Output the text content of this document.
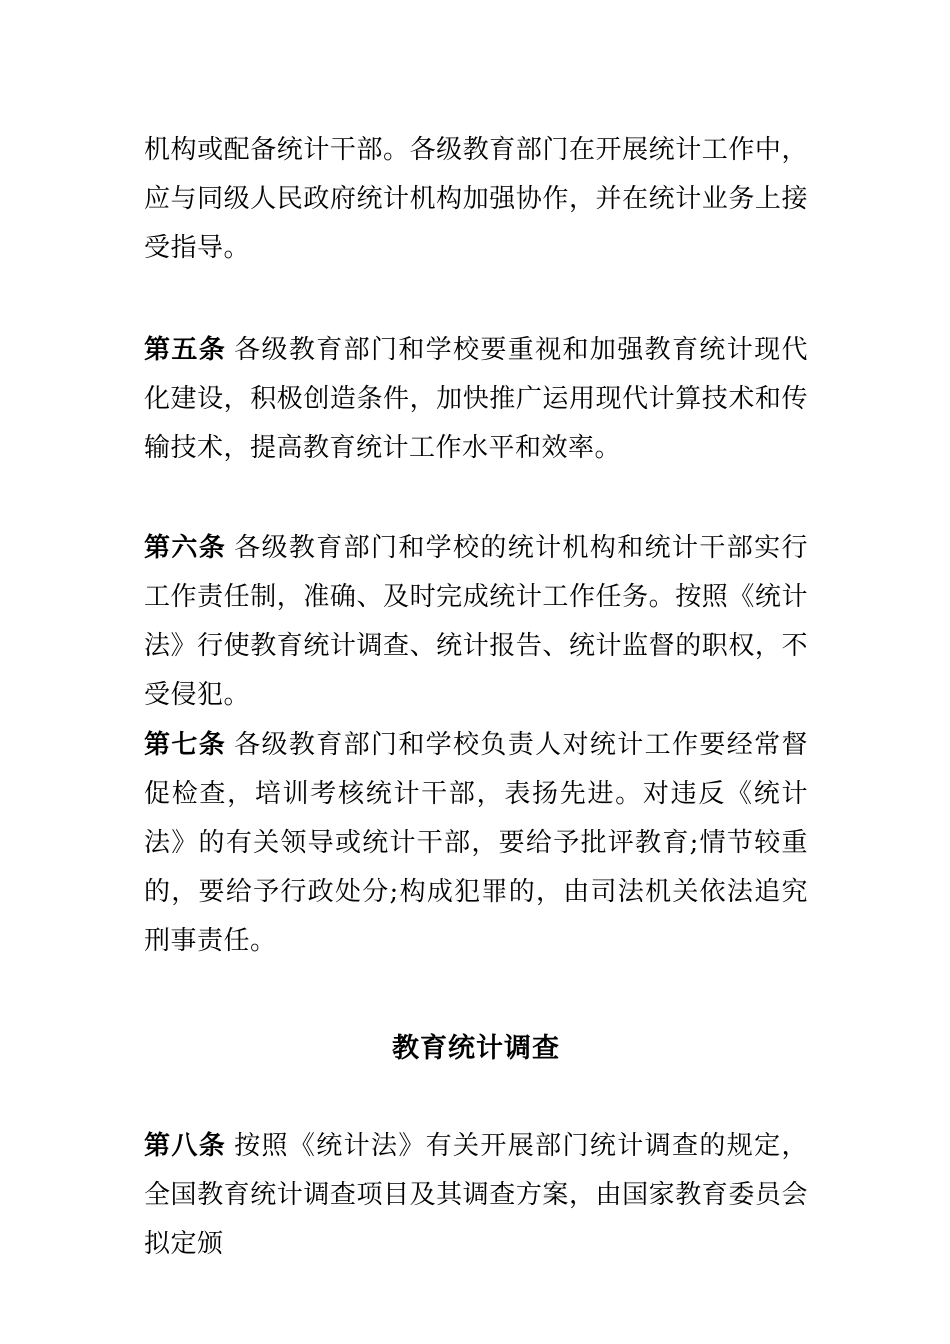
机构或配备统计干部。各级教育部门在开展统计工作中，应与同级人民政府统计机构加强协作，并在统计业务上接受指导。

第五条 各级教育部门和学校要重视和加强教育统计现代化建设，积极创造条件，加快推广运用现代计算技术和传输技术，提高教育统计工作水平和效率。

第六条 各级教育部门和学校的统计机构和统计干部实行工作责任制，准确、及时完成统计工作任务。按照《统计法》行使教育统计调查、统计报告、统计监督的职权，不受侵犯。

第七条 各级教育部门和学校负责人对统计工作要经常督促检查，培训考核统计干部，表扬先进。对违反《统计法》的有关领导或统计干部，要给予批评教育;情节较重的，要给予行政处分;构成犯罪的，由司法机关依法追究刑事责任。

教育统计调查

第八条 按照《统计法》有关开展部门统计调查的规定，全国教育统计调查项目及其调查方案，由国家教育委员会拟定颁
